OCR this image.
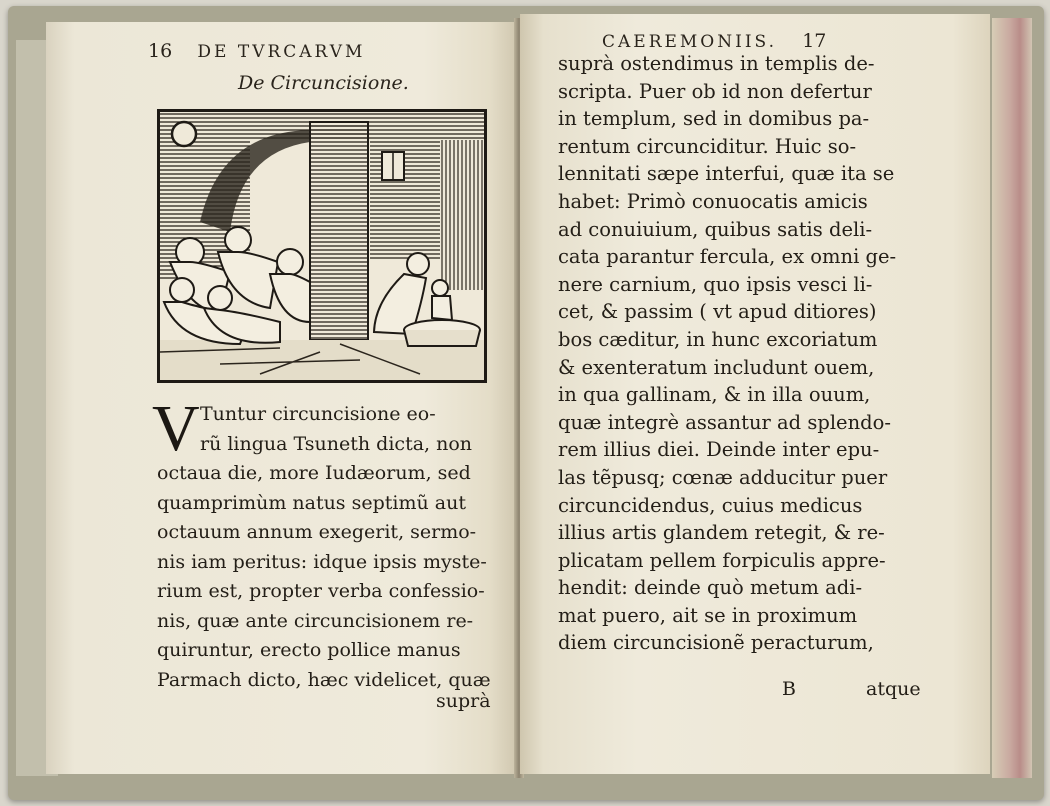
16 DE TVRCARVM
De Circuncisione.
V Tuntur circuncisione eo-
rũ lingua Tsuneth dicta, non
octaua die, more Iudæorum, sed
quamprimùm natus septimũ aut
octauum annum exegerit, sermo-
nis iam peritus: idque ipsis myste-
rium est, propter verba confessio-
nis, quæ ante circuncisionem re-
quiruntur, erecto pollice manus
Parmach dicto, hæc videlicet, quæ
suprà
CAEREMONIIS. 17
suprà ostendimus in templis de-
scripta. Puer ob id non defertur
in templum, sed in domibus pa-
rentum circunciditur. Huic so-
lennitati sæpe interfui, quæ ita se
habet: Primò conuocatis amicis
ad conuiuium, quibus satis deli-
cata parantur fercula, ex omni ge-
nere carnium, quo ipsis vesci li-
cet, & passim ( vt apud ditiores)
bos cæditur, in hunc excoriatum
& exenteratum includunt ouem,
in qua gallinam, & in illa ouum,
quæ integrè assantur ad splendo-
rem illius diei. Deinde inter epu-
las tẽpusq; cœnæ adducitur puer
circuncidendus, cuius medicus
illius artis glandem retegit, & re-
plicatam pellem forpiculis appre-
hendit: deinde quò metum adi-
mat puero, ait se in proximum
diem circuncisionẽ peracturum,
B	atque
